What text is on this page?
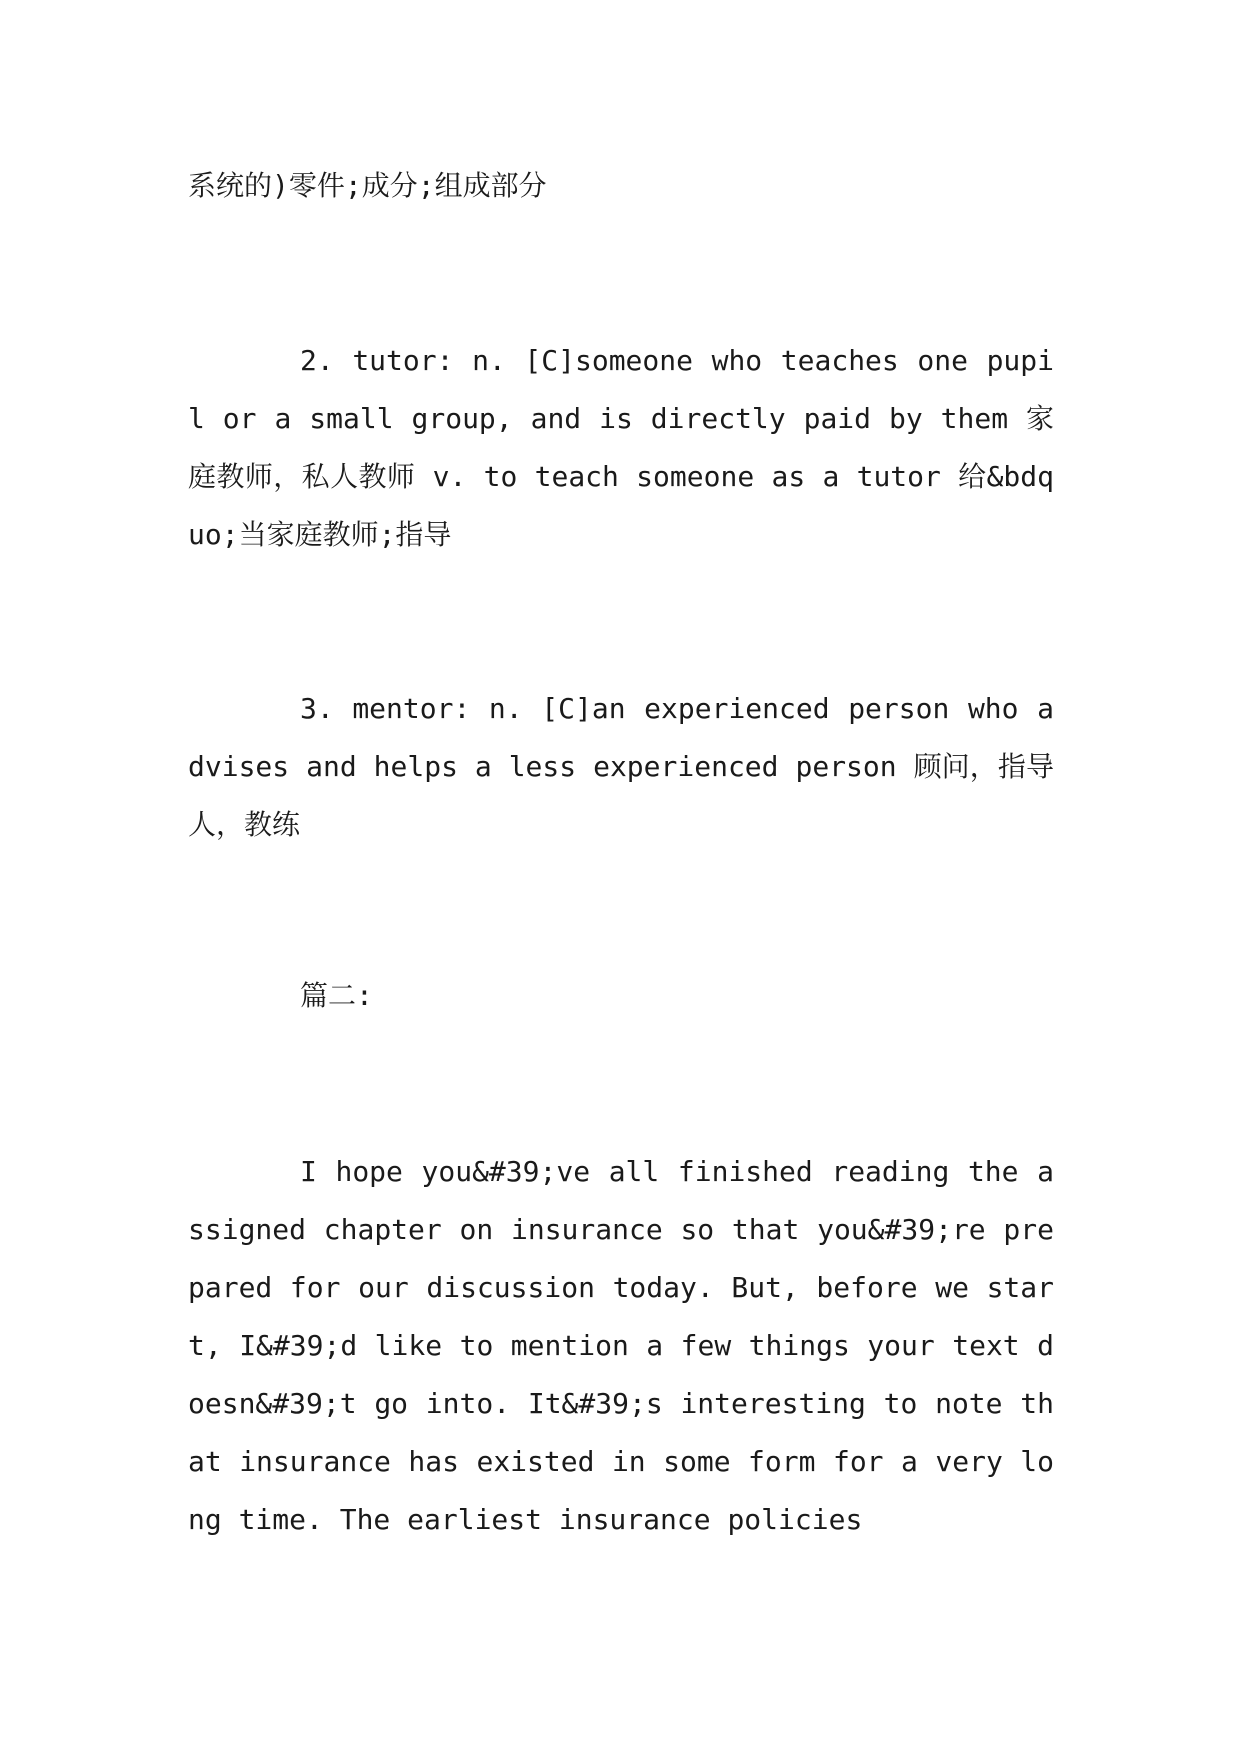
系统的)零件;成分;组成部分

2. tutor: n. [C]someone who teaches one pupil or a small group, and is directly paid by them 家庭教师，私人教师 v. to teach someone as a tutor 给&bdquo;当家庭教师;指导

3. mentor: n. [C]an experienced person who advises and helps a less experienced person 顾问，指导人，教练

篇二:

I hope you&#39;ve all finished reading the assigned chapter on insurance so that you&#39;re prepared for our discussion today. But, before we start, I&#39;d like to mention a few things your text doesn&#39;t go into. It&#39;s interesting to note that insurance has existed in some form for a very long time. The earliest insurance policies
